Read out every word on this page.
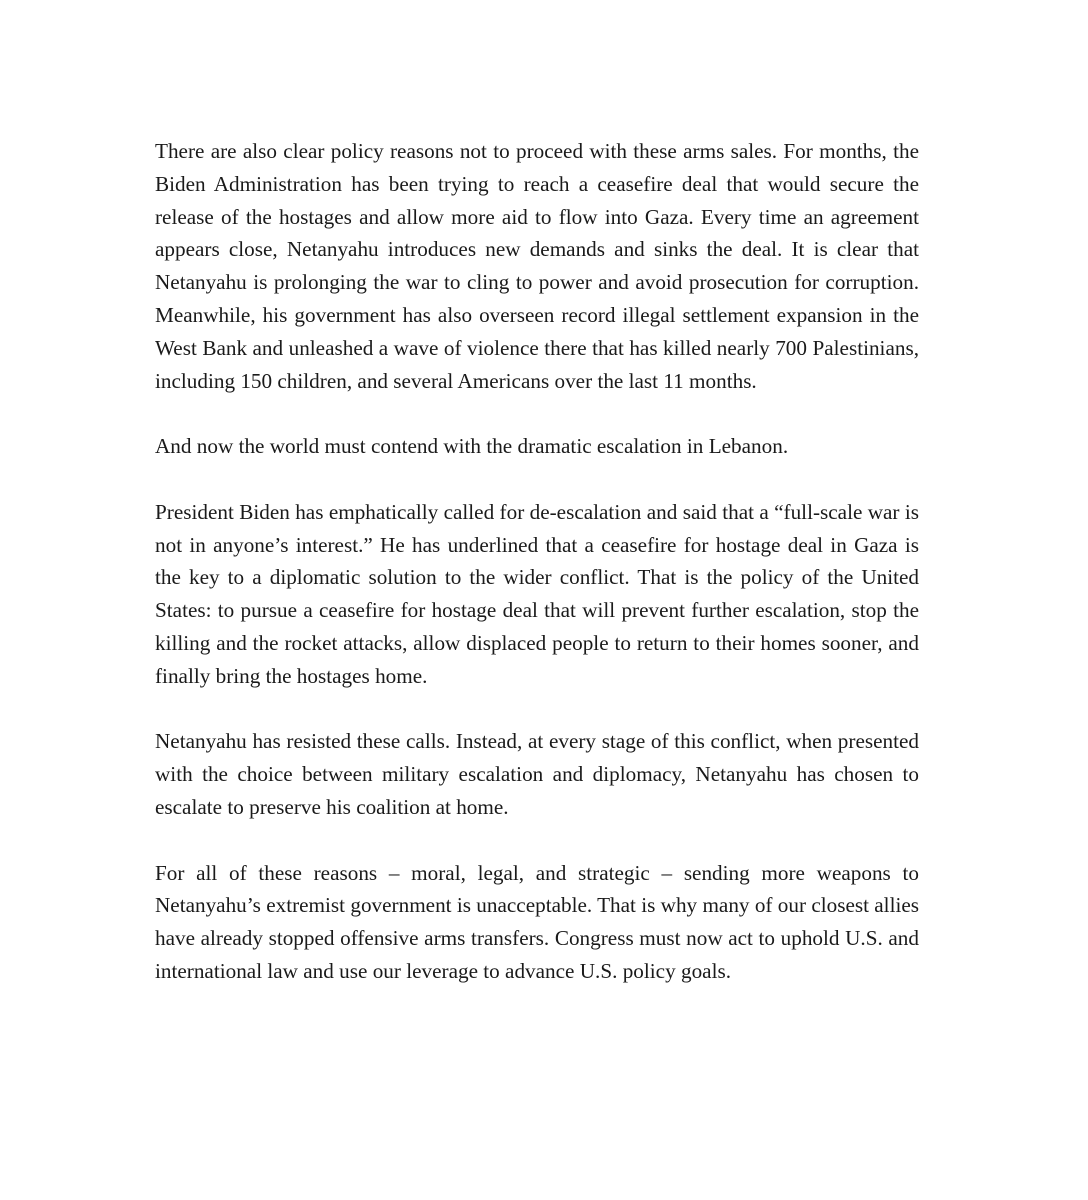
There are also clear policy reasons not to proceed with these arms sales. For months, the Biden Administration has been trying to reach a ceasefire deal that would secure the release of the hostages and allow more aid to flow into Gaza. Every time an agreement appears close, Netanyahu introduces new demands and sinks the deal. It is clear that Netanyahu is prolonging the war to cling to power and avoid prosecution for corruption. Meanwhile, his government has also overseen record illegal settlement expansion in the West Bank and unleashed a wave of violence there that has killed nearly 700 Palestinians, including 150 children, and several Americans over the last 11 months.

And now the world must contend with the dramatic escalation in Lebanon.

President Biden has emphatically called for de-escalation and said that a “full-scale war is not in anyone’s interest.” He has underlined that a ceasefire for hostage deal in Gaza is the key to a diplomatic solution to the wider conflict. That is the policy of the United States: to pursue a ceasefire for hostage deal that will prevent further escalation, stop the killing and the rocket attacks, allow displaced people to return to their homes sooner, and finally bring the hostages home.

Netanyahu has resisted these calls. Instead, at every stage of this conflict, when presented with the choice between military escalation and diplomacy, Netanyahu has chosen to escalate to preserve his coalition at home.

For all of these reasons – moral, legal, and strategic – sending more weapons to Netanyahu’s extremist government is unacceptable. That is why many of our closest allies have already stopped offensive arms transfers. Congress must now act to uphold U.S. and international law and use our leverage to advance U.S. policy goals.
